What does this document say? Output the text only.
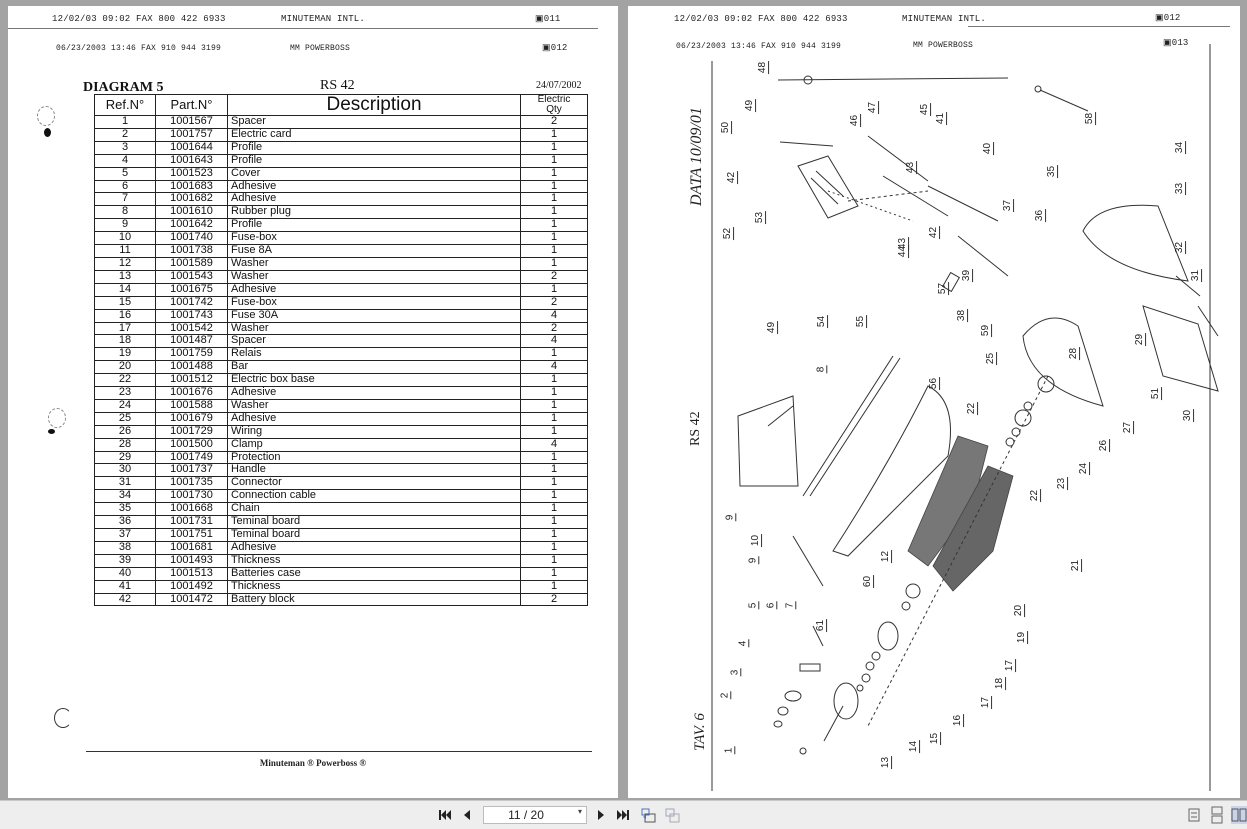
12/02/03 09:02 FAX 800 422 6933	MINUTEMAN INTL.	▣011
06/23/2003 13:46 FAX 910 944 3199	MM POWERBOSS	▣012
DIAGRAM 5	RS 42	24/07/2002
Ref.N°	Part.N°	Description	Electric
Qty
1	1001567	Spacer	2
2	1001757	Electric card	1
3	1001644	Profile	1
4	1001643	Profile	1
5	1001523	Cover	1
6	1001683	Adhesive	1
7	1001682	Adhesive	1
8	1001610	Rubber plug	1
9	1001642	Profile	1
10	1001740	Fuse-box	1
11	1001738	Fuse 8A	1
12	1001589	Washer	1
13	1001543	Washer	2
14	1001675	Adhesive	1
15	1001742	Fuse-box	2
16	1001743	Fuse 30A	4
17	1001542	Washer	2
18	1001487	Spacer	4
19	1001759	Relais	1
20	1001488	Bar	4
22	1001512	Electric box base	1
23	1001676	Adhesive	1
24	1001588	Washer	1
25	1001679	Adhesive	1
26	1001729	Wiring	1
28	1001500	Clamp	4
29	1001749	Protection	1
30	1001737	Handle	1
31	1001735	Connector	1
34	1001730	Connection cable	1
35	1001668	Chain	1
36	1001731	Teminal board	1
37	1001751	Teminal board	1
38	1001681	Adhesive	1
39	1001493	Thickness	1
40	1001513	Batteries case	1
41	1001492	Thickness	1
42	1001472	Battery block	2
Minuteman ® Powerboss ®
12/02/03 09:02 FAX 800 422 6933	MINUTEMAN INTL.	▣012
06/23/2003 13:46 FAX 910 944 3199	MM POWERBOSS	▣013
DATA 10/09/01
RS 42
TAV. 6
48
49
50
47
46
45
41
43
42
42
43
44
40
37
36
35
58
34
33
32
31
52
53
39
57
38
59
49
54	55
28
29
25
56
8
22
51
30
27
26
24
23
22
21
9
10
9	12
60
20
19
5 6 7
61
4
3
2
17
18
17
16
15
14
13
1
11 / 20	▾
